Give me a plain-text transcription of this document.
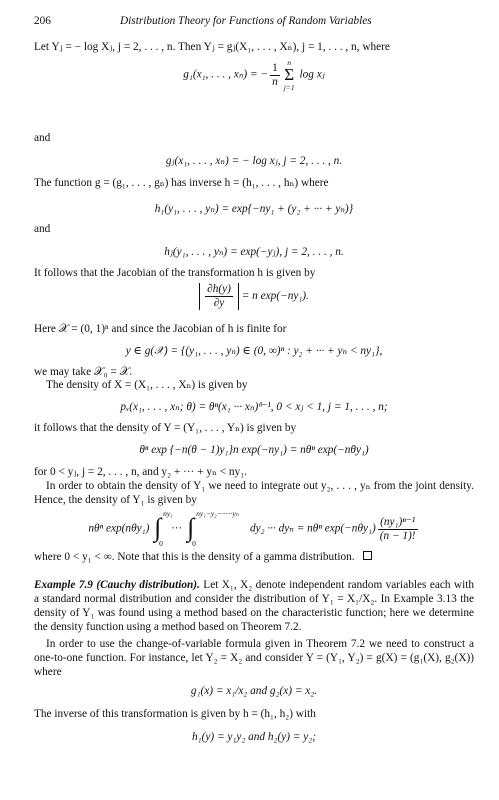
206	Distribution Theory for Functions of Random Variables
Let Yⱼ = − log Xⱼ, j = 2, . . . , n. Then Yⱼ = gⱼ(X₁, . . . , Xₙ), j = 1, . . . , n, where
g₁(x₁, . . . , xₙ) = − $\frac{1}{n}$	n
Σ
j=1
log xⱼ
and
gⱼ(x₁, . . . , xₙ) = − log xⱼ, j = 2, . . . , n.
The function g = (g₁, . . . , gₙ) has inverse h = (h₁, . . . , hₙ) where
h₁(y₁, . . . , yₙ) = exp{−ny₁ + (y₂ + ··· + yₙ)}
and
hⱼ(y₁, . . . , yₙ) = exp(−yⱼ), j = 2, . . . , n.
It follows that the Jacobian of the transformation h is given by
$\frac{\partial h(y)}{\partial y} = n$ exp(−ny₁).
Here 𝒳 = (0, 1)ⁿ and since the Jacobian of h is finite for
y ∈ g(𝒳) = {(y₁, . . . , yₙ) ∈ (0, ∞)ⁿ : y₂ + ··· + yₙ < ny₁},
we may take 𝒳₀ = 𝒳.
The density of X = (X₁, . . . , Xₙ) is given by
pₓ(x₁, . . . , xₙ; θ) = θⁿ(x₁ ··· xₙ)ᶿ⁻¹, 0 < xⱼ < 1, j = 1, . . . , n;
it follows that the density of Y = (Y₁, . . . , Yₙ) is given by
θⁿ exp {−n(θ − 1)y₁}n exp(−ny₁) = nθⁿ exp(−nθy₁)
for 0 < yⱼ, j = 2, . . . , n, and y₂ + ··· + yₙ < ny₁.
In order to obtain the density of Y₁ we need to integrate out y₂, . . . , yₙ from the joint density. Hence, the density of Y₁ is given by
nθⁿ exp(nθy₁) ∫ ny₁
0
··· ∫ ny₁−y₂−···−yₙ
0
dy₂ ··· dyₙ = nθⁿ $\exp(-n\theta y_1) \frac{\text{(ny₁)ⁿ⁻¹}}{(n - 1)!}$
where 0 < y₁ < ∞. Note that this is the density of a gamma distribution.
Example 7.9 (Cauchy distribution). Let X₁, X₂ denote independent random variables each with a standard normal distribution and consider the distribution of Y₁ = X₁/X₂. In Example 3.13 the density of Y₁ was found using a method based on the characteristic function; here we determine the density function using a method based on Theorem 7.2.
In order to use the change-of-variable formula given in Theorem 7.2 we need to construct a one-to-one function. For instance, let Y₂ = X₂ and consider Y = (Y₁, Y₂) = g(X) = (g₁(X), g₂(X)) where
g₁(x) = x₁/x₂ and g₂(x) = x₂.
The inverse of this transformation is given by h = (h₁, h₂) with
h₁(y) = y₁y₂ and h₂(y) = y₂;
